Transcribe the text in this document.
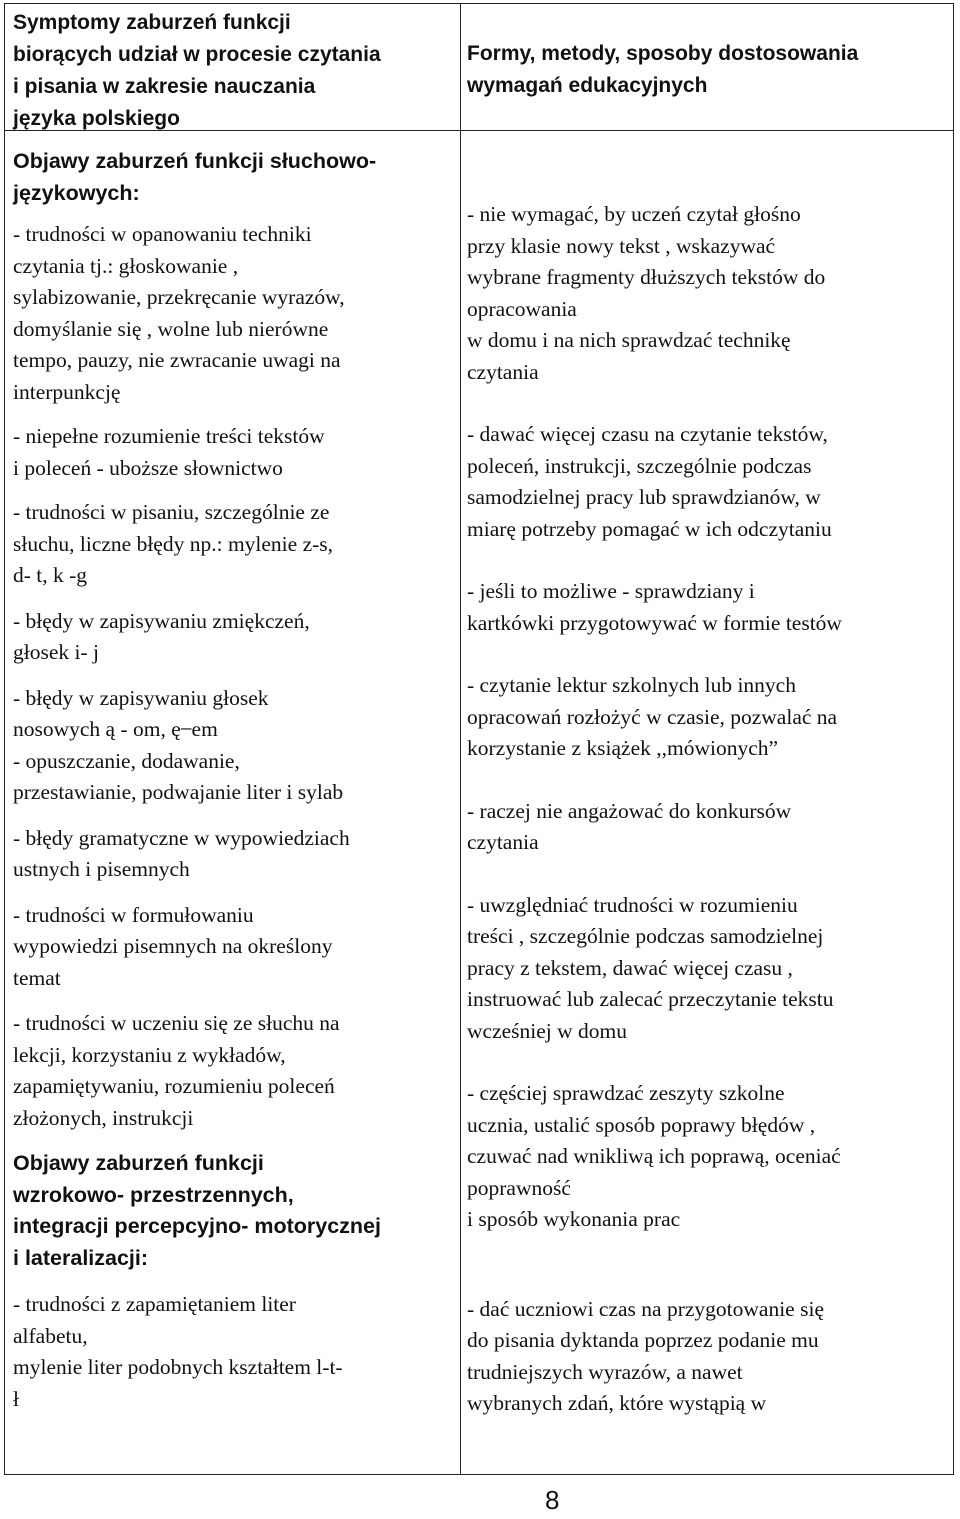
Symptomy zaburzeń funkcji
biorących udział w procesie czytania
i pisania w zakresie nauczania
języka polskiego

Formy, metody, sposoby dostosowania
wymagań edukacyjnych

Objawy zaburzeń funkcji słuchowo-
językowych:

- trudności w opanowaniu techniki
czytania tj.: głoskowanie ,
sylabizowanie, przekręcanie wyrazów,
domyślanie się , wolne lub nierówne
tempo, pauzy, nie zwracanie uwagi na
interpunkcję

- niepełne rozumienie treści tekstów
i poleceń - uboższe słownictwo

- trudności w pisaniu, szczególnie ze
słuchu, liczne błędy np.: mylenie z-s,
d- t, k -g

- błędy w zapisywaniu zmiękczeń,
głosek i- j

- błędy w zapisywaniu głosek
nosowych ą - om, ę ̶ em
- opuszczanie, dodawanie,
przestawianie, podwajanie liter i sylab

- błędy gramatyczne w wypowiedziach
ustnych i pisemnych

- trudności w formułowaniu
wypowiedzi pisemnych na określony
temat

- trudności w uczeniu się ze słuchu na
lekcji, korzystaniu z wykładów,
zapamiętywaniu, rozumieniu poleceń
złożonych, instrukcji

Objawy zaburzeń funkcji
wzrokowo- przestrzennych,
integracji percepcyjno- motorycznej
i lateralizacji:

- trudności z zapamiętaniem liter
alfabetu,
mylenie liter podobnych kształtem l-t-
ł

- nie wymagać, by uczeń czytał głośno
przy klasie nowy tekst , wskazywać
wybrane fragmenty dłuższych tekstów do
opracowania
w domu i na nich sprawdzać technikę
czytania

- dawać więcej czasu na czytanie tekstów,
poleceń, instrukcji, szczególnie podczas
samodzielnej pracy lub sprawdzianów, w
miarę potrzeby pomagać w ich odczytaniu

- jeśli to możliwe - sprawdziany i
kartkówki przygotowywać w formie testów

- czytanie lektur szkolnych lub innych
opracowań rozłożyć w czasie, pozwalać na
korzystanie z książek ,,mówionych”

- raczej nie angażować do konkursów
czytania

- uwzględniać trudności w rozumieniu
treści , szczególnie podczas samodzielnej
pracy z tekstem, dawać więcej czasu ,
instruować lub zalecać przeczytanie tekstu
wcześniej w domu

- częściej sprawdzać zeszyty szkolne
ucznia, ustalić sposób poprawy błędów ,
czuwać nad wnikliwą ich poprawą, oceniać
poprawność
i sposób wykonania prac

- dać uczniowi czas na przygotowanie się
do pisania dyktanda poprzez podanie mu
trudniejszych wyrazów, a nawet
wybranych zdań, które wystąpią w

8
